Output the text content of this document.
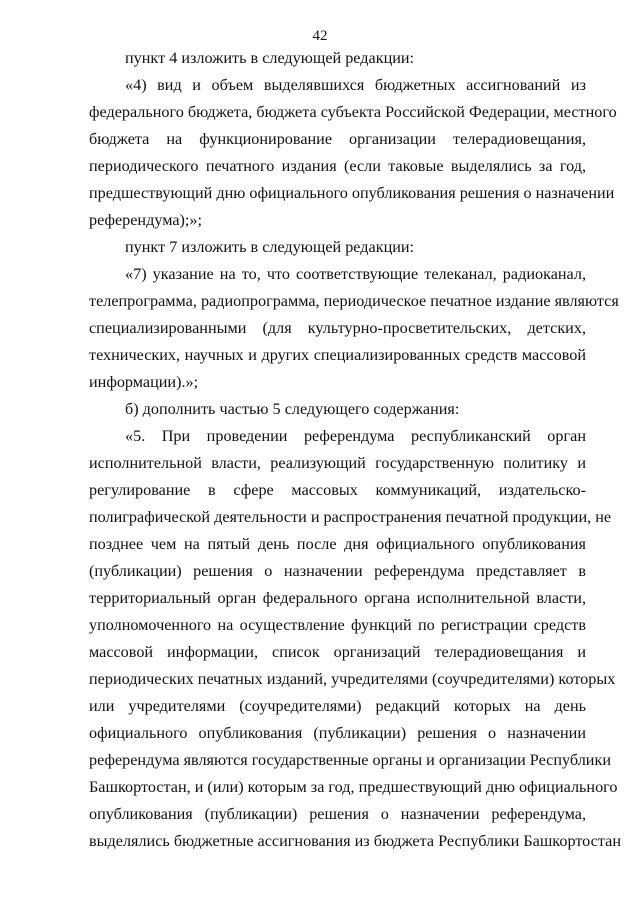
42
пункт 4 изложить в следующей редакции:
«4) вид и объем выделявшихся бюджетных ассигнований из
федерального бюджета, бюджета субъекта Российской Федерации, местного
бюджета на функционирование организации телерадиовещания,
периодического печатного издания (если таковые выделялись за год,
предшествующий дню официального опубликования решения о назначении
референдума);»;
пункт 7 изложить в следующей редакции:
«7) указание на то, что соответствующие телеканал, радиоканал,
телепрограмма, радиопрограмма, периодическое печатное издание являются
специализированными (для культурно-просветительских, детских,
технических, научных и других специализированных средств массовой
информации).»;
б) дополнить частью 5 следующего содержания:
«5. При проведении референдума республиканский орган
исполнительной власти, реализующий государственную политику и
регулирование в сфере массовых коммуникаций, издательско-
полиграфической деятельности и распространения печатной продукции, не
позднее чем на пятый день после дня официального опубликования
(публикации) решения о назначении референдума представляет в
территориальный орган федерального органа исполнительной власти,
уполномоченного на осуществление функций по регистрации средств
массовой информации, список организаций телерадиовещания и
периодических печатных изданий, учредителями (соучредителями) которых
или учредителями (соучредителями) редакций которых на день
официального опубликования (публикации) решения о назначении
референдума являются государственные органы и организации Республики
Башкортостан, и (или) которым за год, предшествующий дню официального
опубликования (публикации) решения о назначении референдума,
выделялись бюджетные ассигнования из бюджета Республики Башкортостан
